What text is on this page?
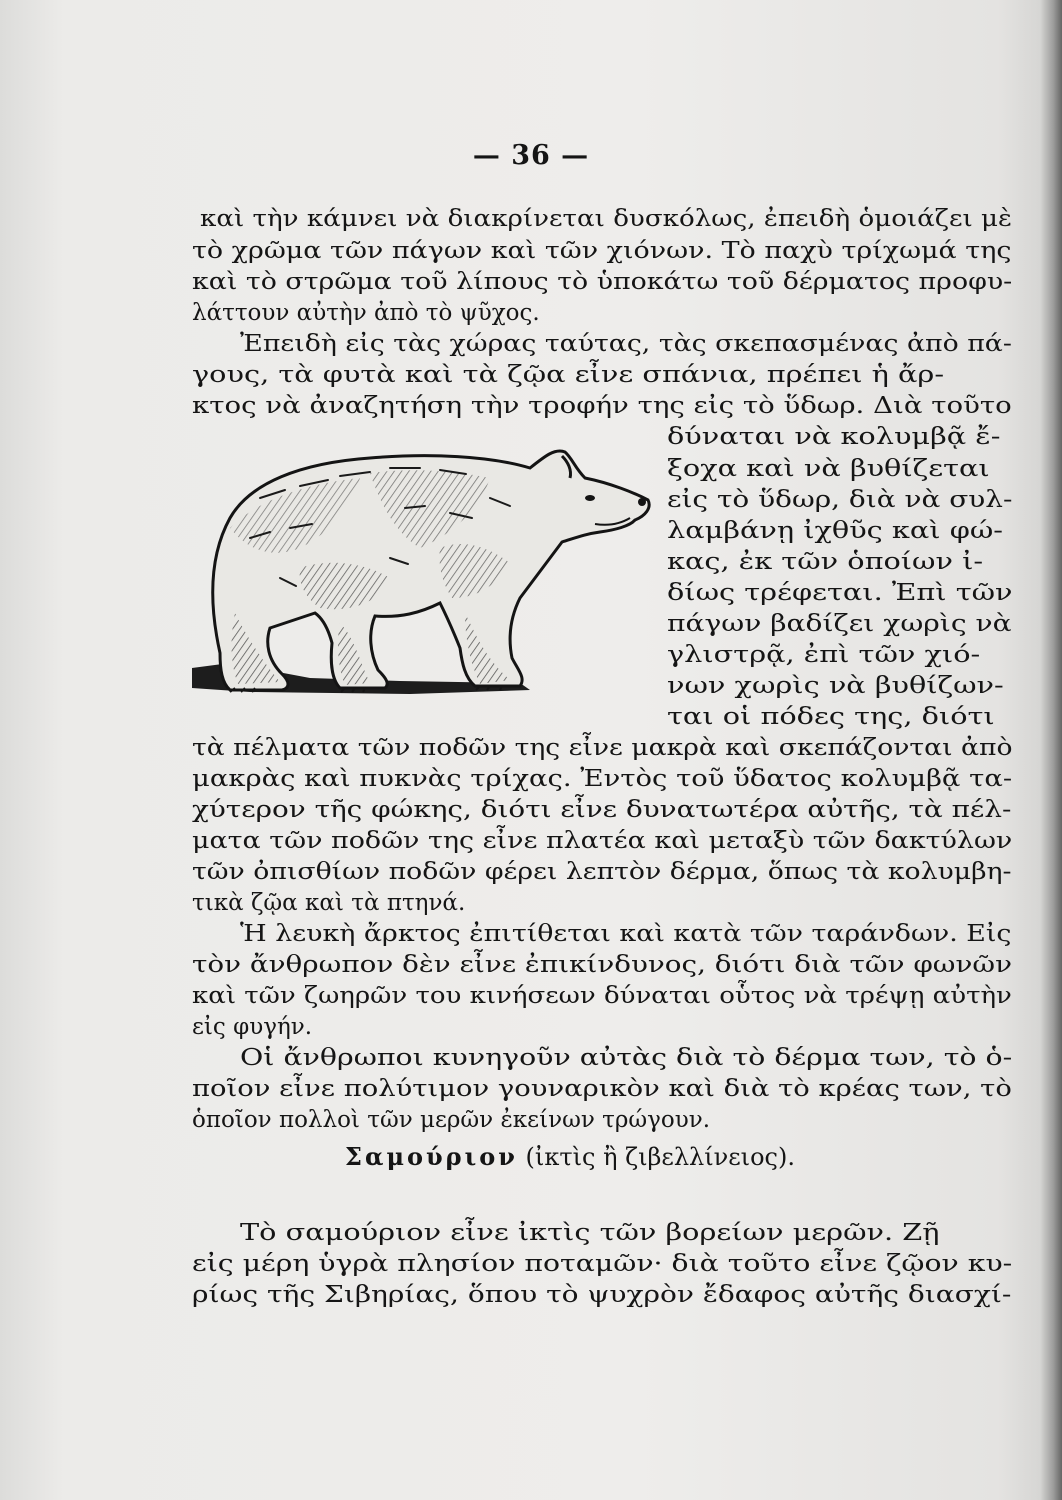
— 36 —
καὶ τὴν κάμνει νὰ διακρίνεται δυσκόλως, ἐπειδὴ ὁμοιάζει μὲ
τὸ χρῶμα τῶν πάγων καὶ τῶν χιόνων. Τὸ παχὺ τρίχωμά της
καὶ τὸ στρῶμα τοῦ λίπους τὸ ὑποκάτω τοῦ δέρματος προφυ-
λάττουν αὐτὴν ἀπὸ τὸ ψῦχος.
Ἐπειδὴ εἰς τὰς χώρας ταύτας, τὰς σκεπασμένας ἀπὸ πά-
γους, τὰ φυτὰ καὶ τὰ ζῷα εἶνε σπάνια, πρέπει ἡ ἄρ-
κτος νὰ ἀναζητήση τὴν τροφήν της εἰς τὸ ὕδωρ. Διὰ τοῦτο
δύναται νὰ κολυμβᾷ ἔ-
ξοχα καὶ νὰ βυθίζεται
εἰς τὸ ὕδωρ, διὰ νὰ συλ-
λαμβάνῃ ἰχθῦς καὶ φώ-
κας, ἐκ τῶν ὁποίων ἰ-
δίως τρέφεται. Ἐπὶ τῶν
πάγων βαδίζει χωρὶς νὰ
γλιστρᾷ, ἐπὶ τῶν χιό-
νων χωρὶς νὰ βυθίζων-
ται οἱ πόδες της, διότι
τὰ πέλματα τῶν ποδῶν της εἶνε μακρὰ καὶ σκεπάζονται ἀπὸ
μακρὰς καὶ πυκνὰς τρίχας. Ἐντὸς τοῦ ὕδατος κολυμβᾷ τα-
χύτερον τῆς φώκης, διότι εἶνε δυνατωτέρα αὐτῆς, τὰ πέλ-
ματα τῶν ποδῶν της εἶνε πλατέα καὶ μεταξὺ τῶν δακτύλων
τῶν ὀπισθίων ποδῶν φέρει λεπτὸν δέρμα, ὅπως τὰ κολυμβη-
τικὰ ζῷα καὶ τὰ πτηνά.
Ἡ λευκὴ ἄρκτος ἐπιτίθεται καὶ κατὰ τῶν ταράνδων. Εἰς
τὸν ἄνθρωπον δὲν εἶνε ἐπικίνδυνος, διότι διὰ τῶν φωνῶν
καὶ τῶν ζωηρῶν του κινήσεων δύναται οὗτος νὰ τρέψῃ αὐτὴν
εἰς φυγήν.
Οἱ ἄνθρωποι κυνηγοῦν αὐτὰς διὰ τὸ δέρμα των, τὸ ὁ-
ποῖον εἶνε πολύτιμον γουναρικὸν καὶ διὰ τὸ κρέας των, τὸ
ὁποῖον πολλοὶ τῶν μερῶν ἐκείνων τρώγουν.
Σαμούριον (ἰκτὶς ἢ ζιβελλίνειος).
Τὸ σαμούριον εἶνε ἰκτὶς τῶν βορείων μερῶν. Ζῇ
εἰς μέρη ὑγρὰ πλησίον ποταμῶν· διὰ τοῦτο εἶνε ζῷον κυ-
ρίως τῆς Σιβηρίας, ὅπου τὸ ψυχρὸν ἔδαφος αὐτῆς διασχί-
